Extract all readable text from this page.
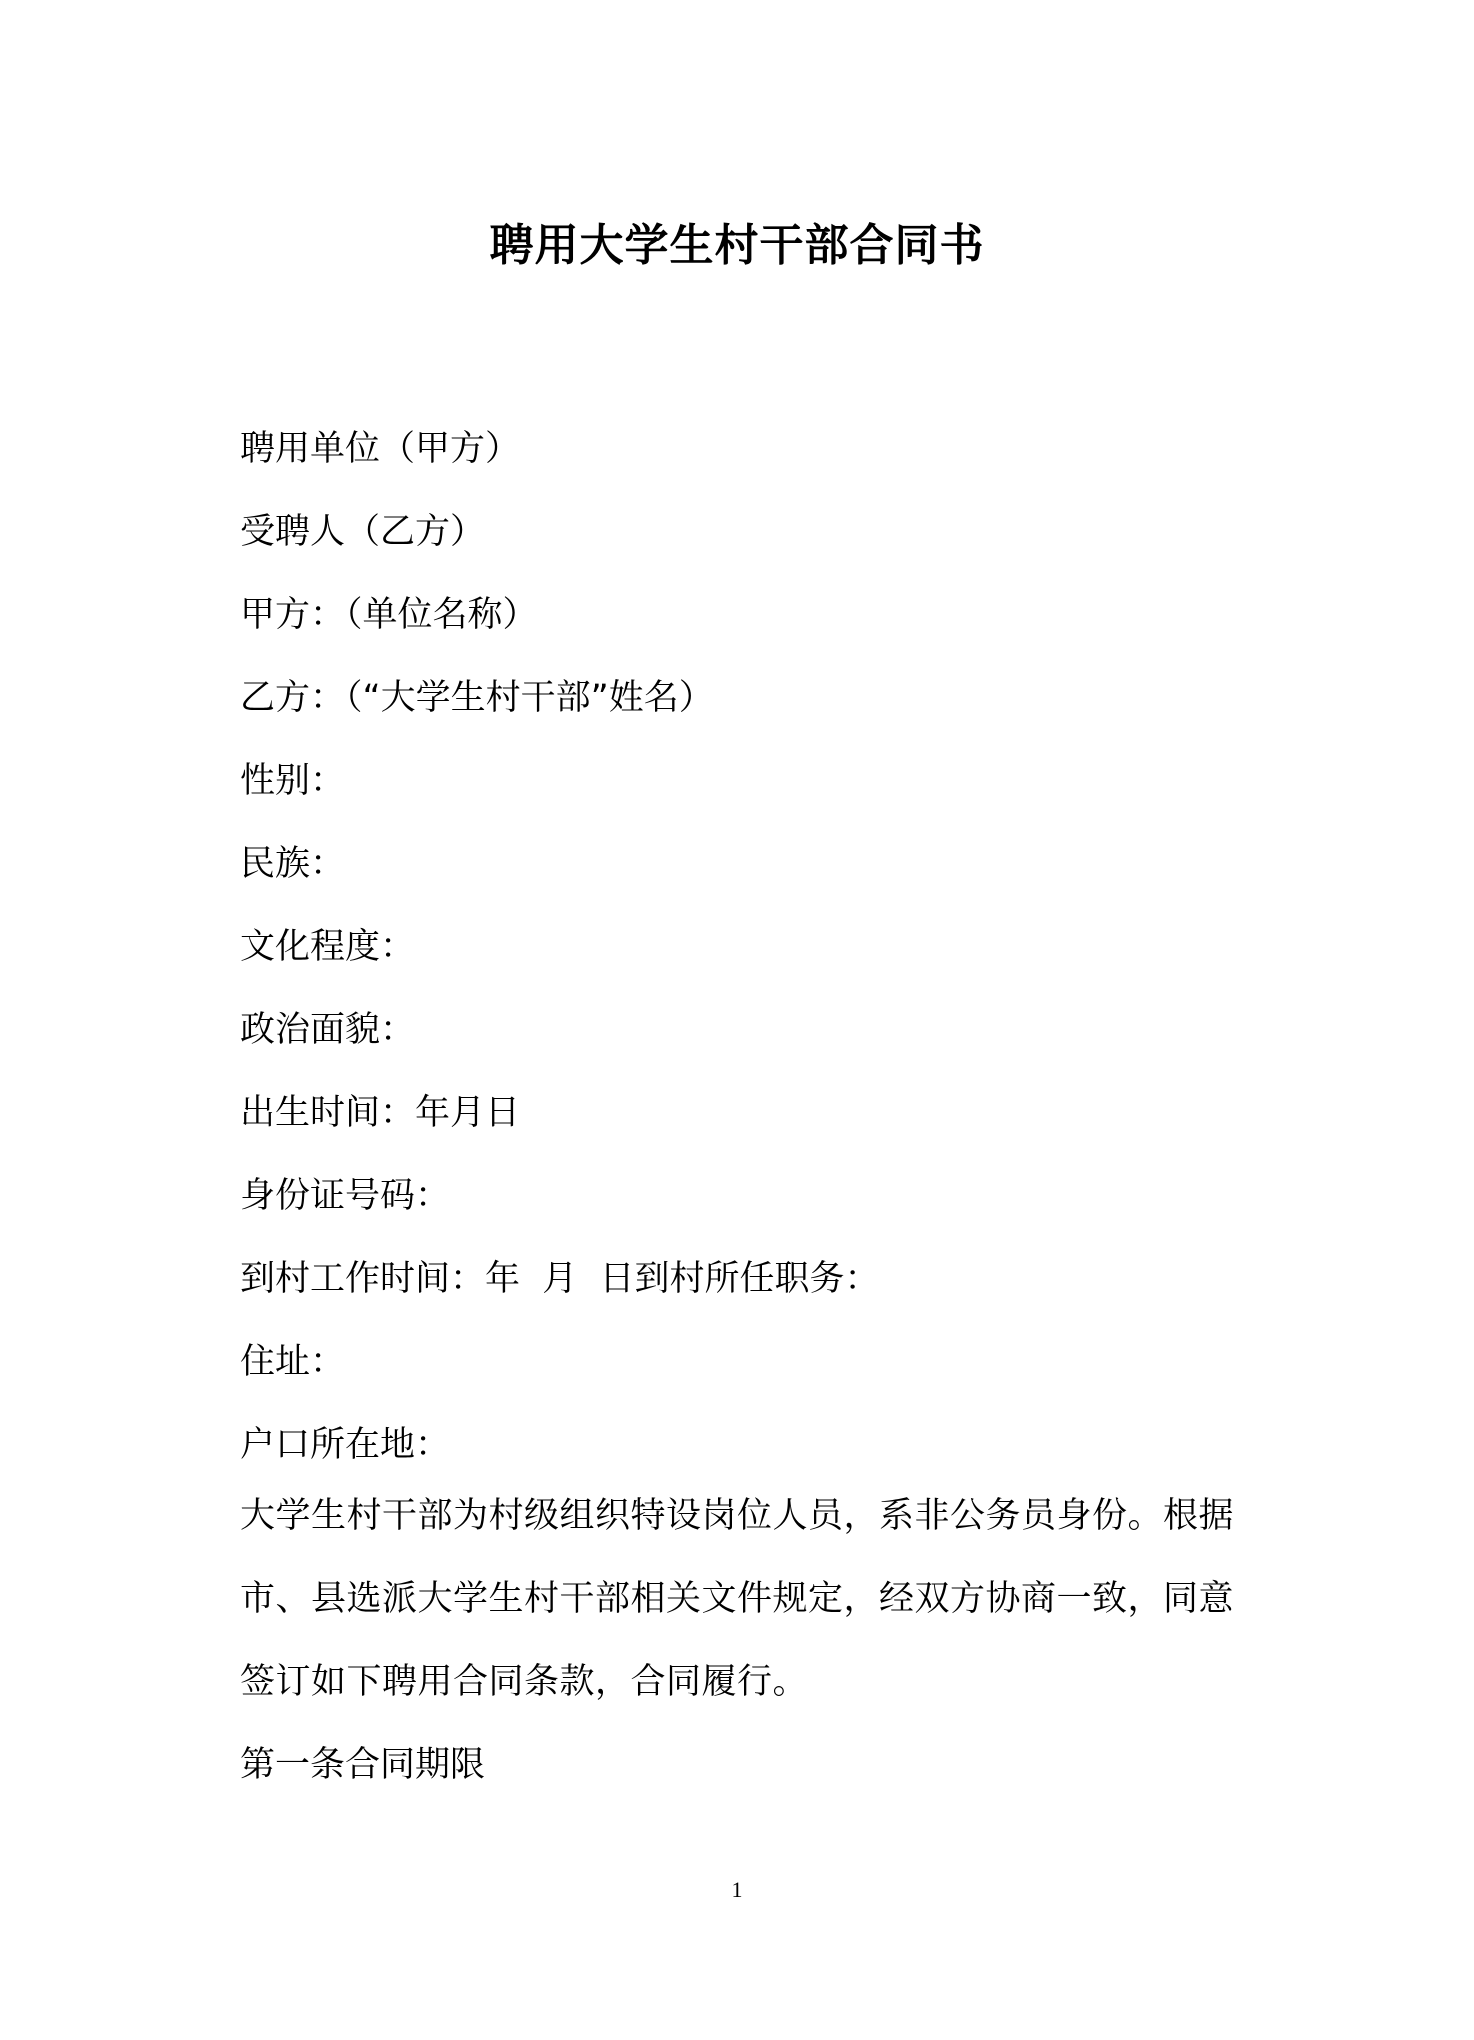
聘用大学生村干部合同书
聘用单位（甲方）
受聘人（乙方）
甲方：（单位名称）
乙方：（“大学生村干部”姓名）
性别：
民族：
文化程度：
政治面貌：
出生时间：年月日
身份证号码：
到村工作时间：年  月  日到村所任职务：
住址：
户口所在地：
大学生村干部为村级组织特设岗位人员，系非公务员身份。根据市、县选派大学生村干部相关文件规定，经双方协商一致，同意签订如下聘用合同条款，合同履行。
第一条合同期限
1
